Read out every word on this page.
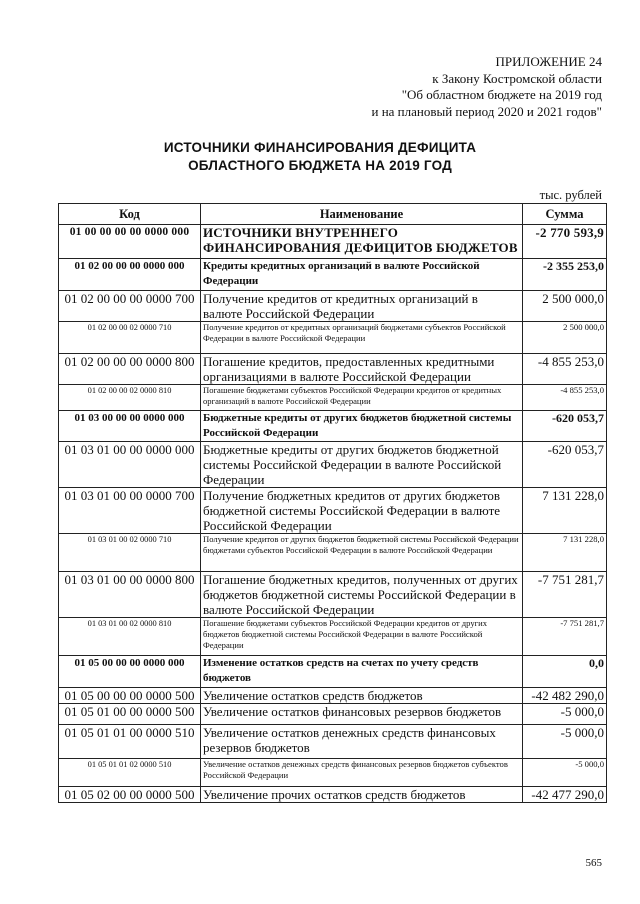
ПРИЛОЖЕНИЕ 24
к Закону Костромской области
"Об областном бюджете на 2019 год
и на плановый период 2020 и 2021 годов"
ИСТОЧНИКИ ФИНАНСИРОВАНИЯ ДЕФИЦИТА
ОБЛАСТНОГО БЮДЖЕТА НА 2019 ГОД
тыс. рублей
Код	Наименование	Сумма
01 00 00 00 00 0000 000	ИСТОЧНИКИ ВНУТРЕННЕГО ФИНАНСИРОВАНИЯ ДЕФИЦИТОВ БЮДЖЕТОВ	-2 770 593,9
01 02 00 00 00 0000 000	Кредиты кредитных организаций в валюте Российской Федерации	-2 355 253,0
01 02 00 00 00 0000 700	Получение кредитов от кредитных организаций в валюте Российской Федерации	2 500 000,0
01 02 00 00 02 0000 710	Получение кредитов от кредитных организаций бюджетами субъектов Российской Федерации в валюте Российской Федерации	2 500 000,0
01 02 00 00 00 0000 800	Погашение кредитов, предоставленных кредитными организациями в валюте Российской Федерации	-4 855 253,0
01 02 00 00 02 0000 810	Погашение бюджетами субъектов Российской Федерации кредитов от кредитных организаций в валюте Российской Федерации	-4 855 253,0
01 03 00 00 00 0000 000	Бюджетные кредиты от других бюджетов бюджетной системы Российской Федерации	-620 053,7
01 03 01 00 00 0000 000	Бюджетные кредиты от других бюджетов бюджетной системы Российской Федерации в валюте Российской Федерации	-620 053,7
01 03 01 00 00 0000 700	Получение бюджетных кредитов от других бюджетов бюджетной системы Российской Федерации в валюте Российской Федерации	7 131 228,0
01 03 01 00 02 0000 710	Получение кредитов от других бюджетов бюджетной системы Российской Федерации бюджетами субъектов Российской Федерации в валюте Российской Федерации	7 131 228,0
01 03 01 00 00 0000 800	Погашение бюджетных кредитов, полученных от других бюджетов бюджетной системы Российской Федерации в валюте Российской Федерации	-7 751 281,7
01 03 01 00 02 0000 810	Погашение бюджетами субъектов Российской Федерации кредитов от других бюджетов бюджетной системы Российской Федерации в валюте Российской Федерации	-7 751 281,7
01 05 00 00 00 0000 000	Изменение остатков средств на счетах по учету средств бюджетов	0,0
01 05 00 00 00 0000 500	Увеличение остатков средств бюджетов	-42 482 290,0
01 05 01 00 00 0000 500	Увеличение остатков финансовых резервов бюджетов	-5 000,0
01 05 01 01 00 0000 510	Увеличение остатков денежных средств финансовых резервов бюджетов	-5 000,0
01 05 01 01 02 0000 510	Увеличение остатков денежных средств финансовых резервов бюджетов субъектов Российской Федерации	-5 000,0
01 05 02 00 00 0000 500	Увеличение прочих остатков средств бюджетов	-42 477 290,0
565
